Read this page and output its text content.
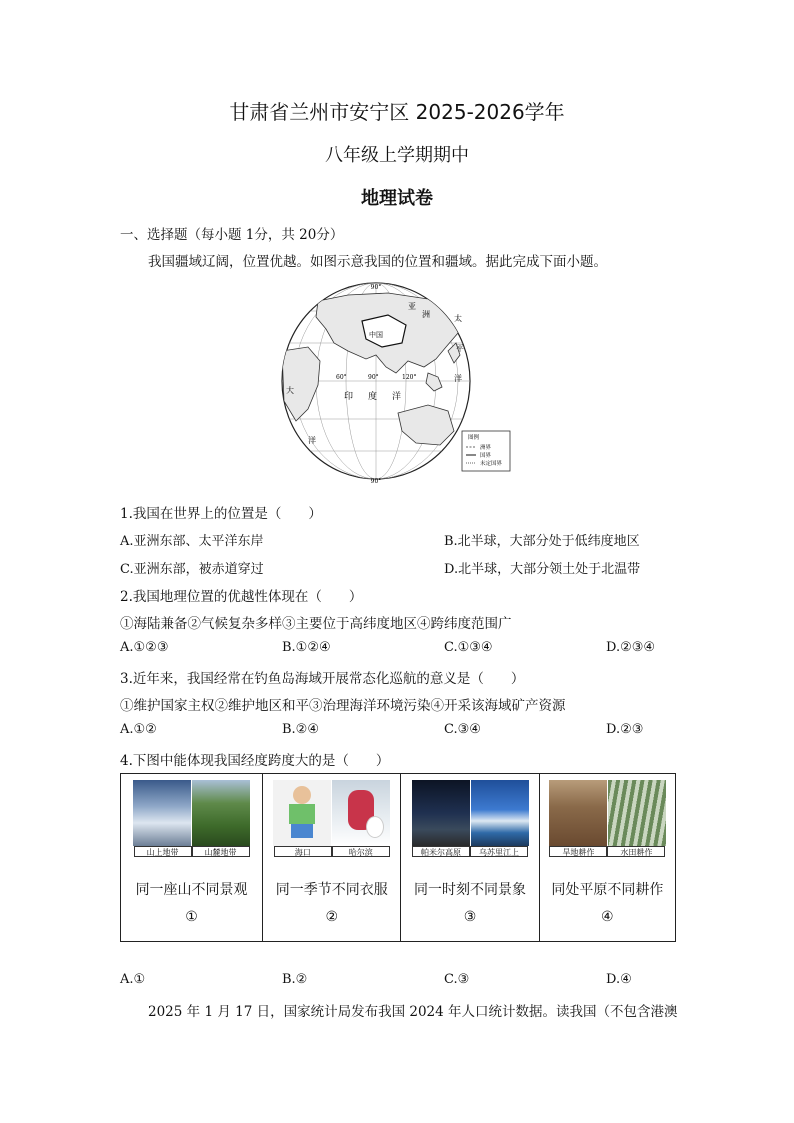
甘肃省兰州市安宁区 2025-2026学年
八年级上学期期中
地理试卷
一、选择题（每小题 1分，共 20分）
我国疆域辽阔，位置优越。如图示意我国的位置和疆域。据此完成下面小题。
90°
90°
60°	90°	120°
中国
亚
洲
印 度 洋
太
平
洋
大
洋	图例
洲界
国界
未定国界
1.我国在世界上的位置是（　　）
A.亚洲东部、太平洋东岸	B.北半球，大部分处于低纬度地区
C.亚洲东部，被赤道穿过	D.北半球，大部分领土处于北温带
2.我国地理位置的优越性体现在（　　）
①海陆兼备②气候复杂多样③主要位于高纬度地区④跨纬度范围广
A.①②③	B.①②④	C.①③④	D.②③④
3.近年来，我国经常在钓鱼岛海域开展常态化巡航的意义是（　　）
①维护国家主权②维护地区和平③治理海洋环境污染④开采该海域矿产资源
A.①②	B.②④	C.③④	D.②③
4.下图中能体现我国经度跨度大的是（　　）
山上地带	山麓地带
同一座山不同景观
①

海口	哈尔滨
同一季节不同衣服
②

帕米尔高原	乌苏里江上
同一时刻不同景象
③

旱地耕作	水田耕作
同处平原不同耕作
④
A.①	B.②	C.③	D.④
2025 年 1 月 17 日，国家统计局发布我国 2024 年人口统计数据。读我国（不包含港澳
